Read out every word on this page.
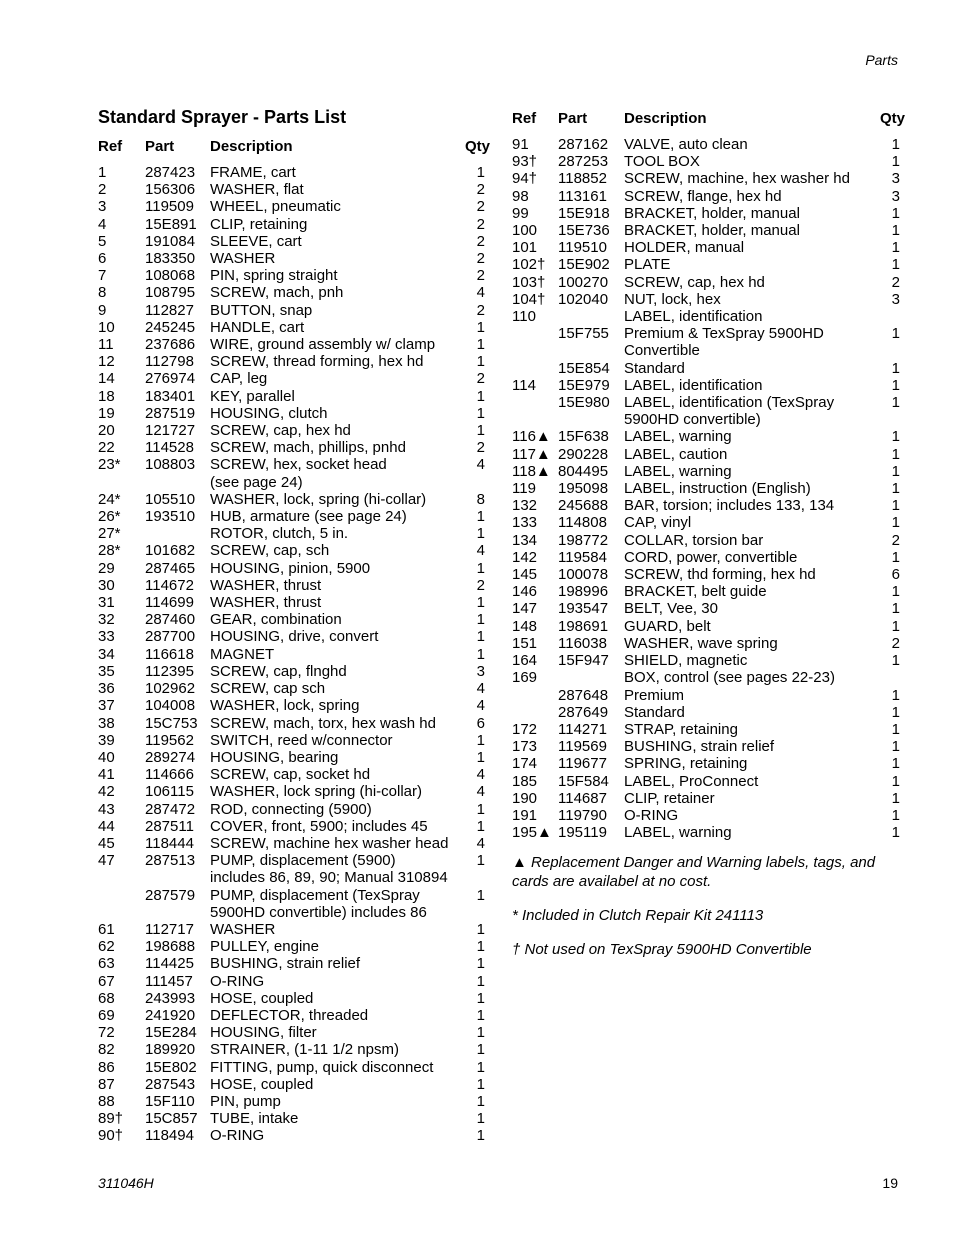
Parts
Standard Sprayer - Parts List
Ref	Part	Description	Qty
1	287423	FRAME, cart	1
2	156306	WASHER, flat	2
3	119509	WHEEL, pneumatic	2
4	15E891	CLIP, retaining	2
5	191084	SLEEVE, cart	2
6	183350	WASHER	2
7	108068	PIN, spring straight	2
8	108795	SCREW, mach, pnh	4
9	112827	BUTTON, snap	2
10	245245	HANDLE, cart	1
11	237686	WIRE, ground assembly w/ clamp	1
12	112798	SCREW, thread forming, hex hd	1
14	276974	CAP, leg	2
18	183401	KEY, parallel	1
19	287519	HOUSING, clutch	1
20	121727	SCREW, cap, hex hd	1
22	114528	SCREW, mach, phillips, pnhd	2
23*	108803	SCREW, hex, socket head	4
		(see page 24)	
24*	105510	WASHER, lock, spring (hi-collar)	8
26*	193510	HUB, armature (see page 24)	1
27*		ROTOR, clutch, 5 in.	1
28*	101682	SCREW, cap, sch	4
29	287465	HOUSING, pinion, 5900	1
30	114672	WASHER, thrust	2
31	114699	WASHER, thrust	1
32	287460	GEAR, combination	1
33	287700	HOUSING, drive, convert	1
34	116618	MAGNET	1
35	112395	SCREW, cap, flnghd	3
36	102962	SCREW, cap sch	4
37	104008	WASHER, lock, spring	4
38	15C753	SCREW, mach, torx, hex wash hd	6
39	119562	SWITCH, reed w/connector	1
40	289274	HOUSING, bearing	1
41	114666	SCREW, cap, socket hd	4
42	106115	WASHER, lock spring (hi-collar)	4
43	287472	ROD, connecting (5900)	1
44	287511	COVER, front, 5900; includes 45	1
45	118444	SCREW, machine hex washer head	4
47	287513	PUMP, displacement (5900)	1
		includes 86, 89, 90; Manual 310894	
	287579	PUMP, displacement (TexSpray	1
		5900HD convertible) includes 86	
61	112717	WASHER	1
62	198688	PULLEY, engine	1
63	114425	BUSHING, strain relief	1
67	111457	O-RING	1
68	243993	HOSE, coupled	1
69	241920	DEFLECTOR, threaded	1
72	15E284	HOUSING, filter	1
82	189920	STRAINER, (1-11 1/2 npsm)	1
86	15E802	FITTING, pump, quick disconnect	1
87	287543	HOSE, coupled	1
88	15F110	PIN, pump	1
89†	15C857	TUBE, intake	1
90†	118494	O-RING	1
Ref	Part	Description	Qty
91	287162	VALVE, auto clean	1
93†	287253	TOOL BOX	1
94†	118852	SCREW, machine, hex washer hd	3
98	113161	SCREW, flange, hex hd	3
99	15E918	BRACKET, holder, manual	1
100	15E736	BRACKET, holder, manual	1
101	119510	HOLDER, manual	1
102†	15E902	PLATE	1
103†	100270	SCREW, cap, hex hd	2
104†	102040	NUT, lock, hex	3
110		LABEL, identification	
	15F755	Premium & TexSpray 5900HD	1
		Convertible	
	15E854	Standard	1
114	15E979	LABEL, identification	1
	15E980	LABEL, identification (TexSpray	1
		5900HD convertible)	
116▲	15F638	LABEL, warning	1
117▲	290228	LABEL, caution	1
118▲	804495	LABEL, warning	1
119	195098	LABEL, instruction (English)	1
132	245688	BAR, torsion; includes 133, 134	1
133	114808	CAP, vinyl	1
134	198772	COLLAR, torsion bar	2
142	119584	CORD, power, convertible	1
145	100078	SCREW, thd forming, hex hd	6
146	198996	BRACKET, belt guide	1
147	193547	BELT, Vee, 30	1
148	198691	GUARD, belt	1
151	116038	WASHER, wave spring	2
164	15F947	SHIELD, magnetic	1
169		BOX, control (see pages 22-23)	
	287648	Premium	1
	287649	Standard	1
172	114271	STRAP, retaining	1
173	119569	BUSHING, strain relief	1
174	119677	SPRING, retaining	1
185	15F584	LABEL, ProConnect	1
190	114687	CLIP, retainer	1
191	119790	O-RING	1
195▲	195119	LABEL, warning	1

▲ Replacement Danger and Warning labels, tags, and cards are availabel at no cost.

* Included in Clutch Repair Kit 241113

† Not used on TexSpray 5900HD Convertible

311046H	19
